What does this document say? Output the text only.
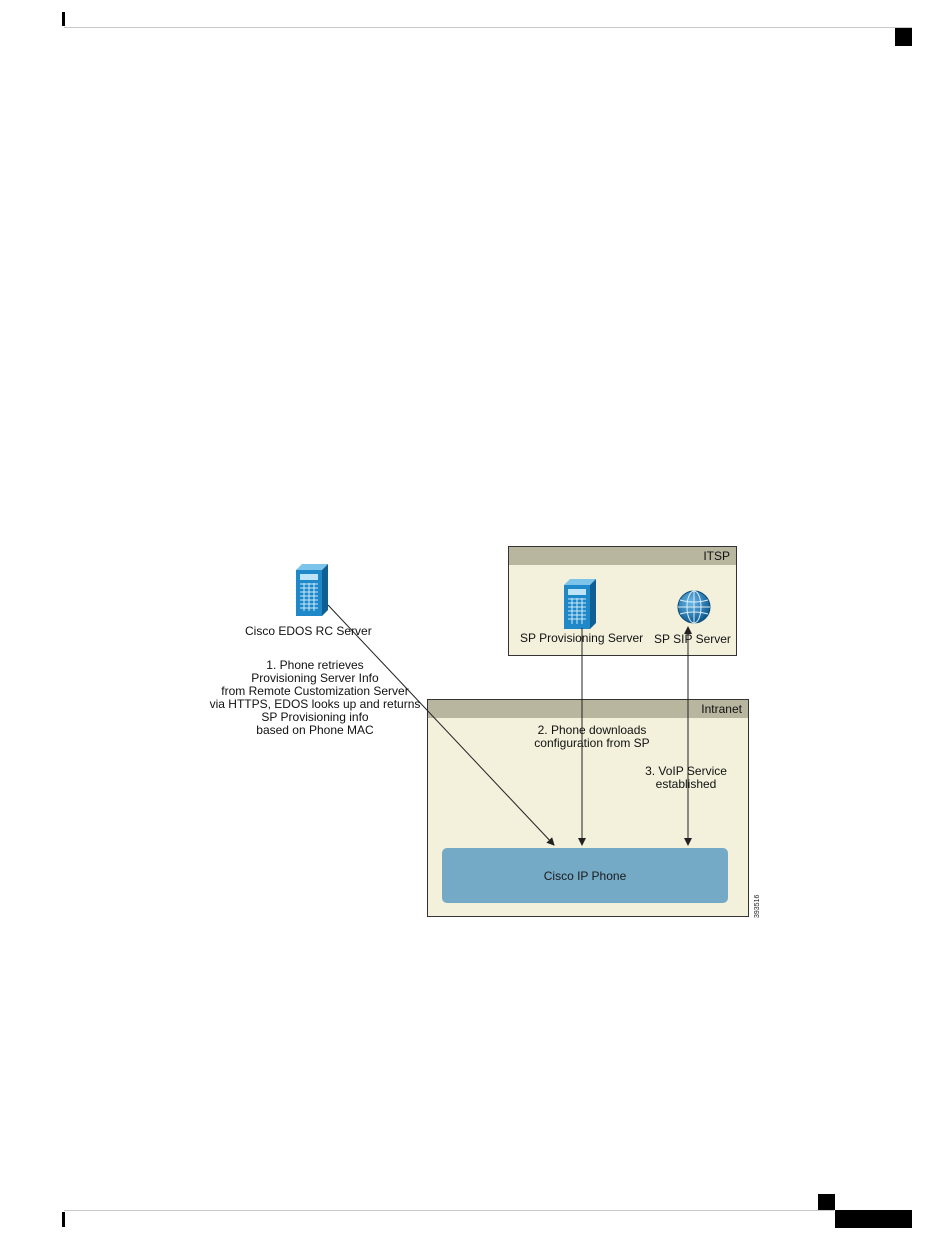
ITSP
Intranet
Cisco IP Phone
393516
Cisco EDOS RC Server	SP Provisioning Server SP SIP Server
1. Phone retrieves
Provisioning Server Info
from Remote Customization Server
via HTTPS, EDOS looks up and returns
SP Provisioning info
based on Phone MAC	2. Phone downloads
configuration from SP
3. VoIP Service
established
